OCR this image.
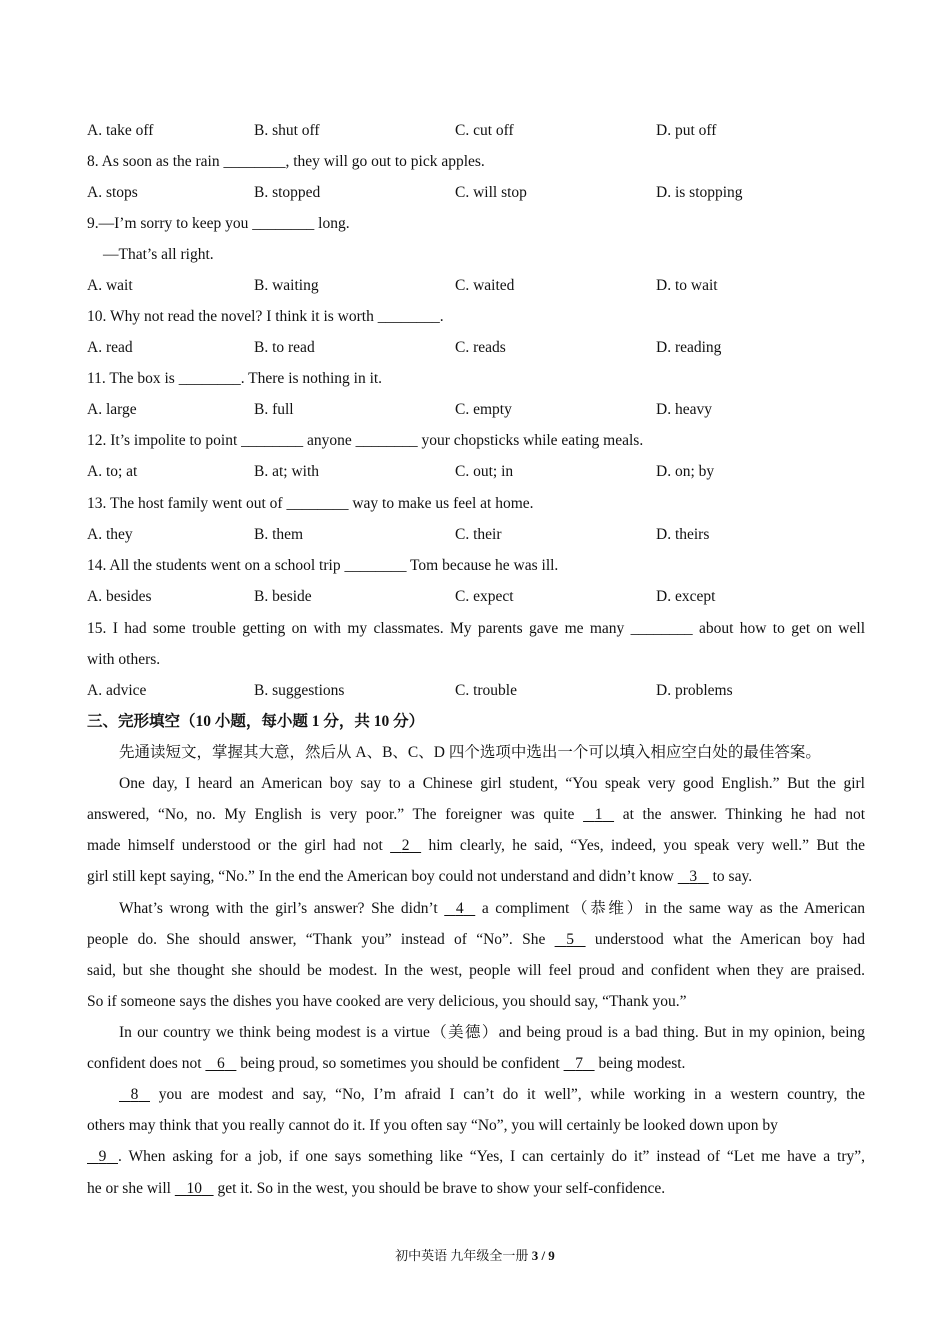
A. take off	B. shut off	C. cut off	D. put off
8. As soon as the rain ________, they will go out to pick apples.
A. stops	B. stopped	C. will stop	D. is stopping
9.—I’m sorry to keep you ________ long.
—That’s all right.
A. wait	B. waiting	C. waited	D. to wait
10. Why not read the novel? I think it is worth ________.
A. read	B. to read	C. reads	D. reading
11. The box is ________. There is nothing in it.
A. large	B. full	C. empty	D. heavy
12. It’s impolite to point ________ anyone ________ your chopsticks while eating meals.
A. to; at	B. at; with	C. out; in	D. on; by
13. The host family went out of ________ way to make us feel at home.
A. they	B. them	C. their	D. theirs
14. All the students went on a school trip ________ Tom because he was ill.
A. besides	B. beside	C. expect	D. except
15. I had some trouble getting on with my classmates. My parents gave me many ________ about how to get on well
with others.
A. advice	B. suggestions	C. trouble	D. problems
三、完形填空（10 小题，每小题 1 分，共 10 分）
先通读短文，掌握其大意，然后从 A、B、C、D 四个选项中选出一个可以填入相应空白处的最佳答案。
One day, I heard an American boy say to a Chinese girl student, “You speak very good English.” But the girl
answered, “No, no. My English is very poor.” The foreigner was quite 1 at the answer. Thinking he had not
made himself understood or the girl had not 2 him clearly, he said, “Yes, indeed, you speak very well.” But the
girl still kept saying, “No.” In the end the American boy could not understand and didn’t know 3 to say.
What’s wrong with the girl’s answer? She didn’t 4 a compliment（恭维）in the same way as the American
people do. She should answer, “Thank you” instead of “No”. She 5 understood what the American boy had
said, but she thought she should be modest. In the west, people will feel proud and confident when they are praised.
So if someone says the dishes you have cooked are very delicious, you should say, “Thank you.”
In our country we think being modest is a virtue（美德）and being proud is a bad thing. But in my opinion, being
confident does not 6 being proud, so sometimes you should be confident 7 being modest.
8 you are modest and say, “No, I’m afraid I can’t do it well”, while working in a western country, the
others may think that you really cannot do it. If you often say “No”, you will certainly be looked down upon by
9 . When asking for a job, if one says something like “Yes, I can certainly do it” instead of “Let me have a try”,
he or she will 10 get it. So in the west, you should be brave to show your self-confidence.
初中英语 九年级全一册 3 / 9
